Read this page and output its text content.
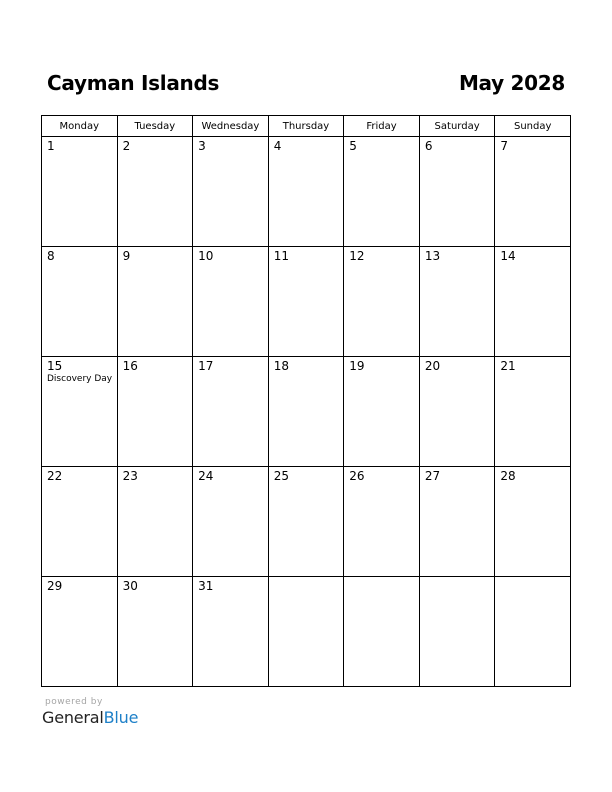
Cayman Islands	May 2028
Monday	Tuesday	Wednesday	Thursday	Friday	Saturday	Sunday

1	2	3	4	5	6	7

8	9	10	11	12	13	14

15
Discovery Day	16	17	18	19	20	21

22	23	24	25	26	27	28

29	30	31				

powered by
GeneralBlue
